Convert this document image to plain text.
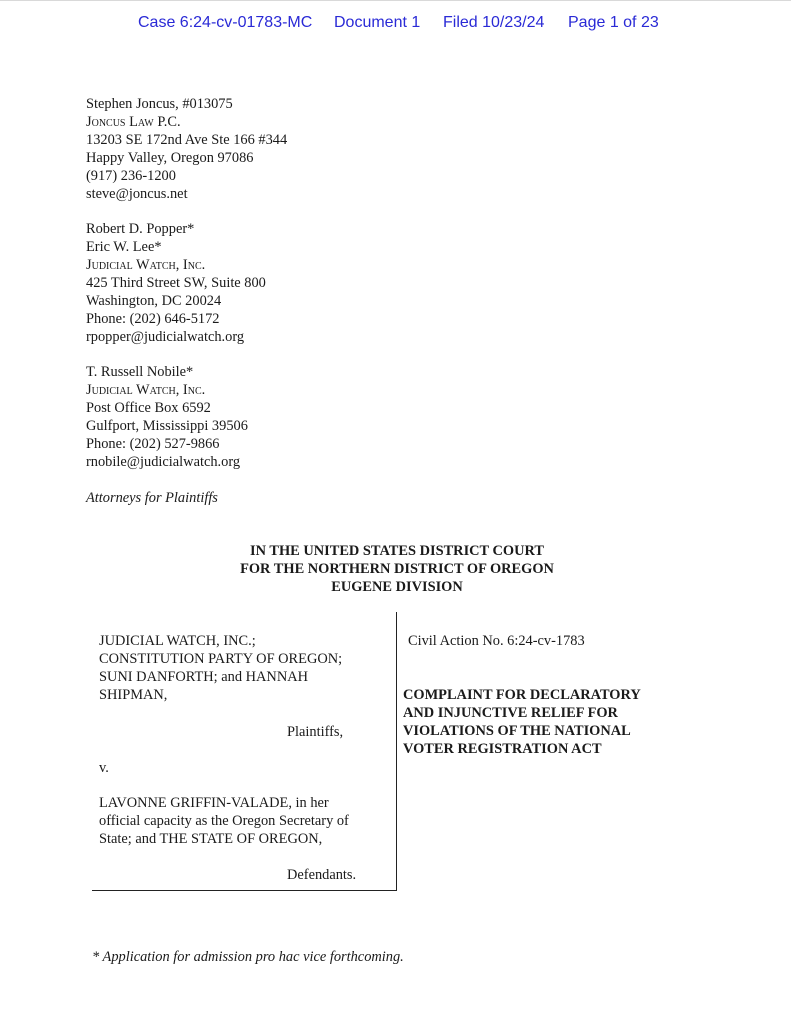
Case 6:24-cv-01783-MC Document 1 Filed 10/23/24 Page 1 of 23
Stephen Joncus, #013075
Joncus Law P.C.
13203 SE 172nd Ave Ste 166 #344
Happy Valley, Oregon 97086
(917) 236-1200
steve@joncus.net
Robert D. Popper*
Eric W. Lee*
Judicial Watch, Inc.
425 Third Street SW, Suite 800
Washington, DC 20024
Phone: (202) 646-5172
rpopper@judicialwatch.org
T. Russell Nobile*
Judicial Watch, Inc.
Post Office Box 6592
Gulfport, Mississippi 39506
Phone: (202) 527-9866
rnobile@judicialwatch.org
Attorneys for Plaintiffs
IN THE UNITED STATES DISTRICT COURT
FOR THE NORTHERN DISTRICT OF OREGON
EUGENE DIVISION
JUDICIAL WATCH, INC.;
CONSTITUTION PARTY OF OREGON;
SUNI DANFORTH; and HANNAH
SHIPMAN,
Plaintiffs,
v.
LAVONNE GRIFFIN-VALADE, in her
official capacity as the Oregon Secretary of
State; and THE STATE OF OREGON,
Defendants.
Civil Action No. 6:24-cv-1783
COMPLAINT FOR DECLARATORY
AND INJUNCTIVE RELIEF FOR
VIOLATIONS OF THE NATIONAL
VOTER REGISTRATION ACT
* Application for admission pro hac vice forthcoming.
